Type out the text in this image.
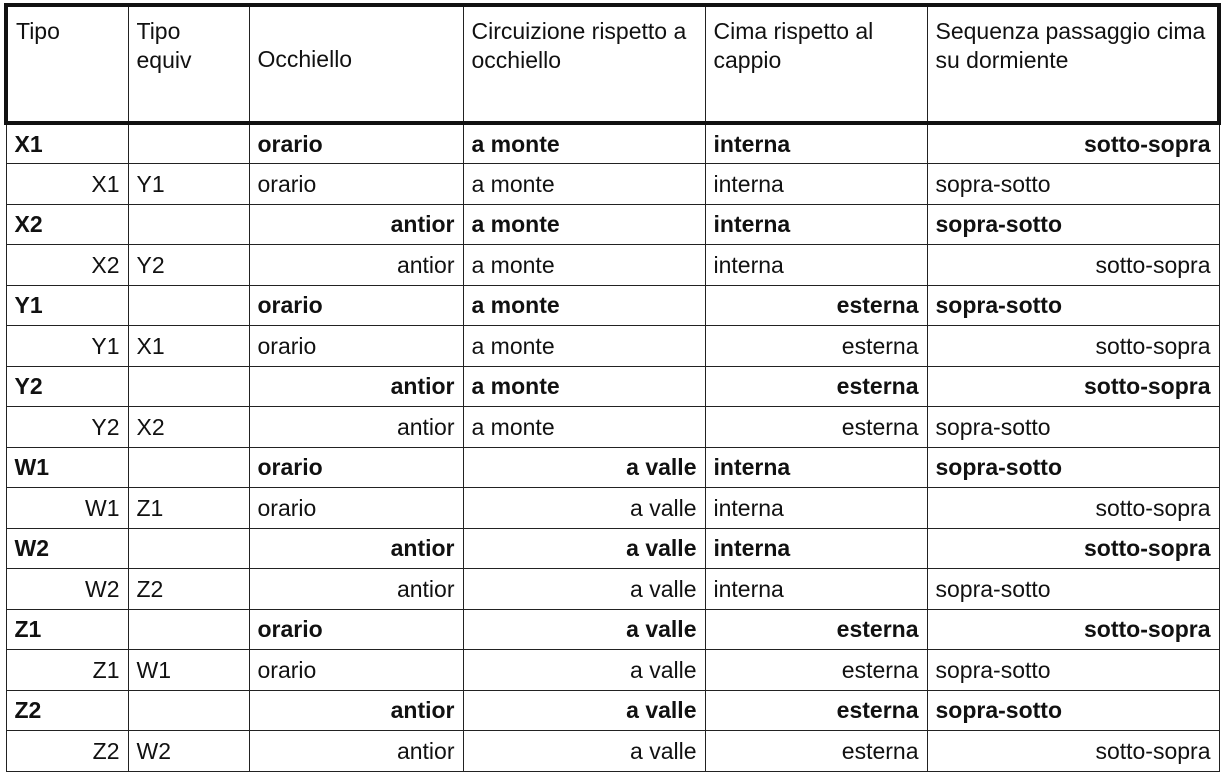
Tipo	Tipo equiv	Occhiello	Circuizione rispetto a occhiello	Cima rispetto al cappio	Sequenza passaggio cima su dormiente
X1		orario	a monte	interna	sotto-sopra
X1	Y1	orario	a monte	interna	sopra-sotto
X2		antior	a monte	interna	sopra-sotto
X2	Y2	antior	a monte	interna	sotto-sopra
Y1		orario	a monte	esterna	sopra-sotto
Y1	X1	orario	a monte	esterna	sotto-sopra
Y2		antior	a monte	esterna	sotto-sopra
Y2	X2	antior	a monte	esterna	sopra-sotto
W1		orario	a valle	interna	sopra-sotto
W1	Z1	orario	a valle	interna	sotto-sopra
W2		antior	a valle	interna	sotto-sopra
W2	Z2	antior	a valle	interna	sopra-sotto
Z1		orario	a valle	esterna	sotto-sopra
Z1	W1	orario	a valle	esterna	sopra-sotto
Z2		antior	a valle	esterna	sopra-sotto
Z2	W2	antior	a valle	esterna	sotto-sopra
